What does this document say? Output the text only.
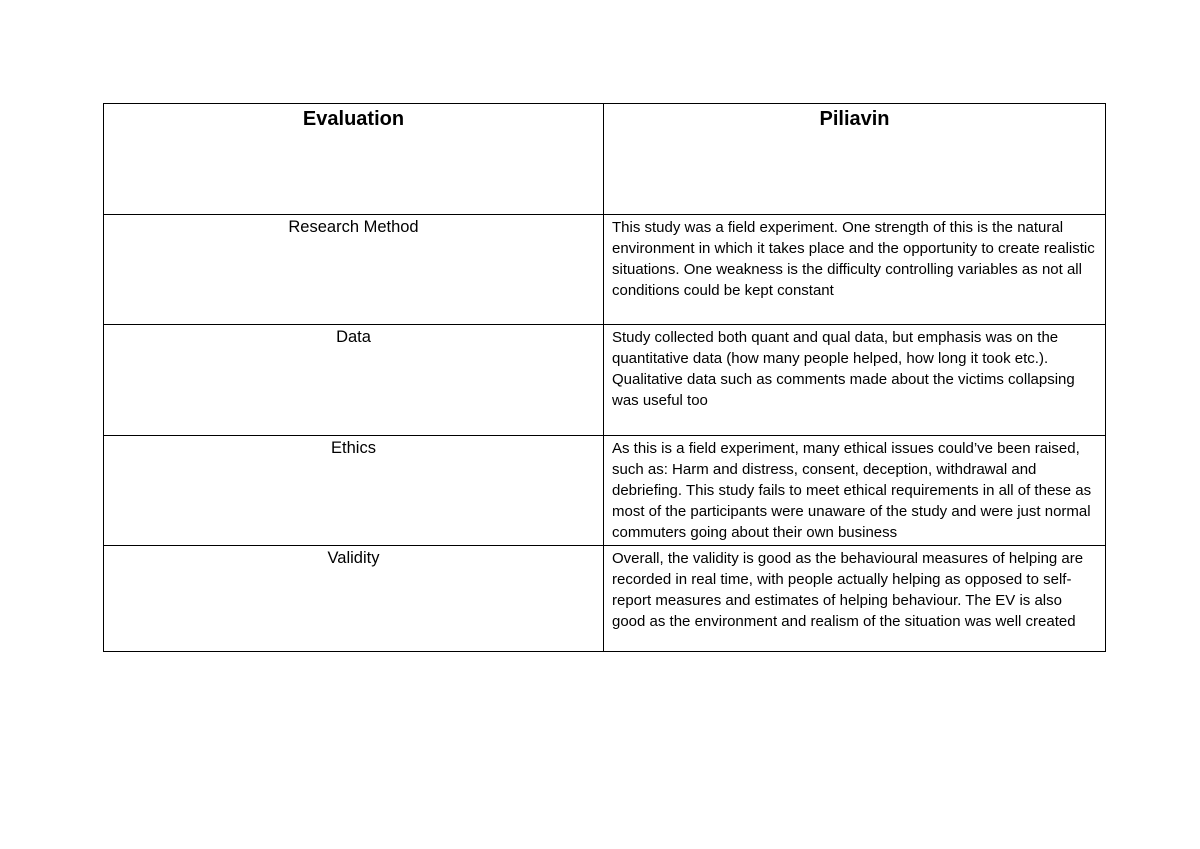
Evaluation	Piliavin
Research Method	This study was a field experiment. One strength of this is the natural environment in which it takes place and the opportunity to create realistic situations. One weakness is the difficulty controlling variables as not all conditions could be kept constant
Data	Study collected both quant and qual data, but emphasis was on the quantitative data (how many people helped, how long it took etc.). Qualitative data such as comments made about the victims collapsing was useful too
Ethics	As this is a field experiment, many ethical issues could’ve been raised, such as: Harm and distress, consent, deception, withdrawal and debriefing. This study fails to meet ethical requirements in all of these as most of the participants were unaware of the study and were just normal commuters going about their own business
Validity	Overall, the validity is good as the behavioural measures of helping are recorded in real time, with people actually helping as opposed to self-report measures and estimates of helping behaviour. The EV is also good as the environment and realism of the situation was well created
